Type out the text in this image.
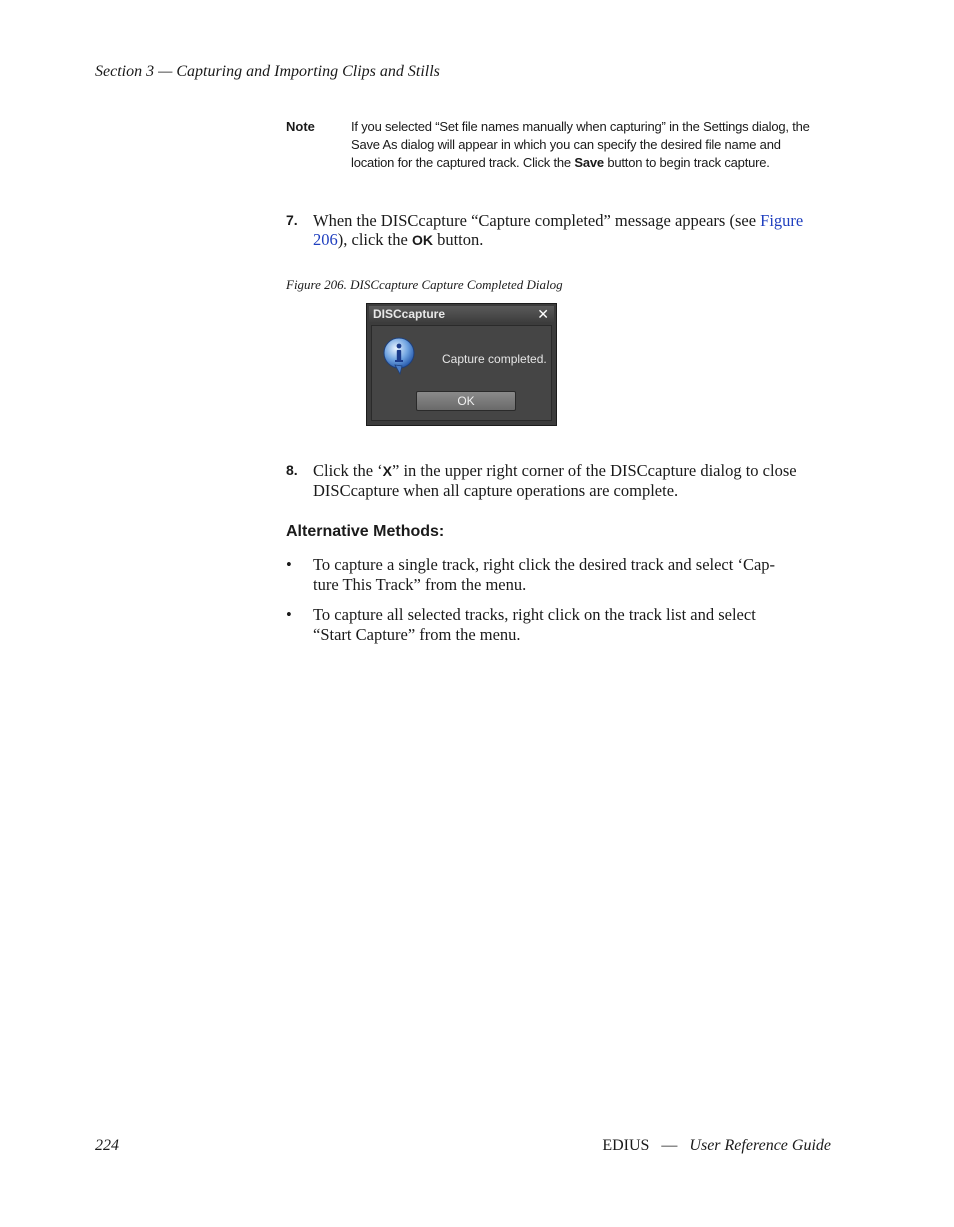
Section 3 — Capturing and Importing Clips and Stills
Note	If you selected “Set file names manually when capturing” in the Settings dialog, the Save As dialog will appear in which you can specify the desired file name and location for the captured track. Click the Save button to begin track capture.
7. When the DISCcapture “Capture completed” message appears (see Figure 206), click the OK button.
Figure 206. DISCcapture Capture Completed Dialog
DISCcapture	✕
Capture completed.
OK
8. Click the ‘X” in the upper right corner of the DISCcapture dialog to close DISCcapture when all capture operations are complete.
Alternative Methods:
• To capture a single track, right click the desired track and select ‘Cap-
ture This Track” from the menu.
• To capture all selected tracks, right click on the track list and select
“Start Capture” from the menu.
224	EDIUS — User Reference Guide
